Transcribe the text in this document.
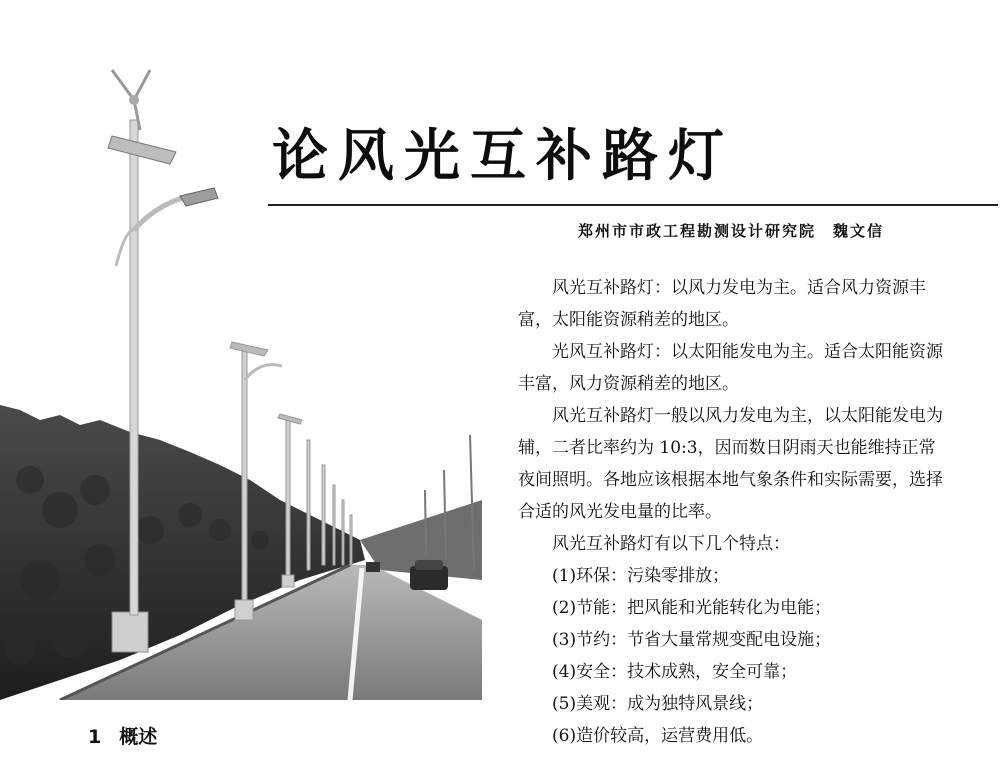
论风光互补路灯
郑州市市政工程勘测设计研究院　魏文信

风光互补路灯：以风力发电为主。适合风力资源丰富，太阳能资源稍差的地区。

光风互补路灯：以太阳能发电为主。适合太阳能资源丰富，风力资源稍差的地区。

风光互补路灯一般以风力发电为主，以太阳能发电为辅，二者比率约为 10:3，因而数日阴雨天也能维持正常夜间照明。各地应该根据本地气象条件和实际需要，选择合适的风光发电量的比率。

风光互补路灯有以下几个特点：

(1)环保：污染零排放；

(2)节能：把风能和光能转化为电能；

(3)节约：节省大量常规变配电设施；

(4)安全：技术成熟，安全可靠；

(5)美观：成为独特风景线；

(6)造价较高，运营费用低。

1 概述
